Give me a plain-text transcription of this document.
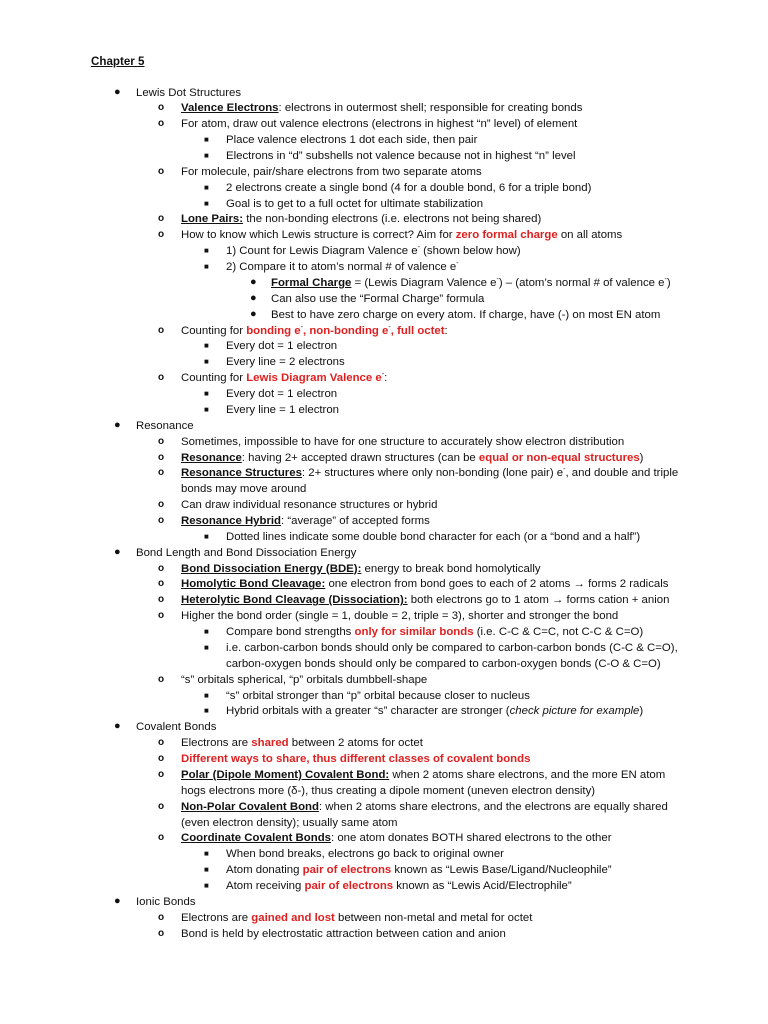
Chapter 5
● Lewis Dot Structures
o Valence Electrons: electrons in outermost shell; responsible for creating bonds
o For atom, draw out valence electrons (electrons in highest “n” level) of element
■ Place valence electrons 1 dot each side, then pair
■ Electrons in “d” subshells not valence because not in highest “n” level
o For molecule, pair/share electrons from two separate atoms
■ 2 electrons create a single bond (4 for a double bond, 6 for a triple bond)
■ Goal is to get to a full octet for ultimate stabilization
o Lone Pairs: the non-bonding electrons (i.e. electrons not being shared)
o How to know which Lewis structure is correct? Aim for zero formal charge on all atoms
■ 1) Count for Lewis Diagram Valence e- (shown below how)
■ 2) Compare it to atom’s normal # of valence e-
● Formal Charge = (Lewis Diagram Valence e-) – (atom’s normal # of valence e-)
● Can also use the “Formal Charge” formula
● Best to have zero charge on every atom. If charge, have (-) on most EN atom
o Counting for bonding e-, non-bonding e-, full octet:
■ Every dot = 1 electron
■ Every line = 2 electrons
o Counting for Lewis Diagram Valence e-:
■ Every dot = 1 electron
■ Every line = 1 electron
● Resonance
o Sometimes, impossible to have for one structure to accurately show electron distribution
o Resonance: having 2+ accepted drawn structures (can be equal or non-equal structures)
o Resonance Structures: 2+ structures where only non-bonding (lone pair) e-, and double and triple
bonds may move around
o Can draw individual resonance structures or hybrid
o Resonance Hybrid: “average” of accepted forms
■ Dotted lines indicate some double bond character for each (or a “bond and a half”)
● Bond Length and Bond Dissociation Energy
o Bond Dissociation Energy (BDE): energy to break bond homolytically
o Homolytic Bond Cleavage: one electron from bond goes to each of 2 atoms → forms 2 radicals
o Heterolytic Bond Cleavage (Dissociation): both electrons go to 1 atom → forms cation + anion
o Higher the bond order (single = 1, double = 2, triple = 3), shorter and stronger the bond
■ Compare bond strengths only for similar bonds (i.e. C-C & C=C, not C-C & C=O)
■ i.e. carbon-carbon bonds should only be compared to carbon-carbon bonds (C-C & C=O),
carbon-oxygen bonds should only be compared to carbon-oxygen bonds (C-O & C=O)
o “s” orbitals spherical, “p” orbitals dumbbell-shape
■ “s” orbital stronger than “p” orbital because closer to nucleus
■ Hybrid orbitals with a greater “s” character are stronger (check picture for example)
● Covalent Bonds
o Electrons are shared between 2 atoms for octet
o Different ways to share, thus different classes of covalent bonds
o Polar (Dipole Moment) Covalent Bond: when 2 atoms share electrons, and the more EN atom
hogs electrons more (δ-), thus creating a dipole moment (uneven electron density)
o Non-Polar Covalent Bond: when 2 atoms share electrons, and the electrons are equally shared
(even electron density); usually same atom
o Coordinate Covalent Bonds: one atom donates BOTH shared electrons to the other
■ When bond breaks, electrons go back to original owner
■ Atom donating pair of electrons known as “Lewis Base/Ligand/Nucleophile”
■ Atom receiving pair of electrons known as “Lewis Acid/Electrophile”
● Ionic Bonds
o Electrons are gained and lost between non-metal and metal for octet
o Bond is held by electrostatic attraction between cation and anion
